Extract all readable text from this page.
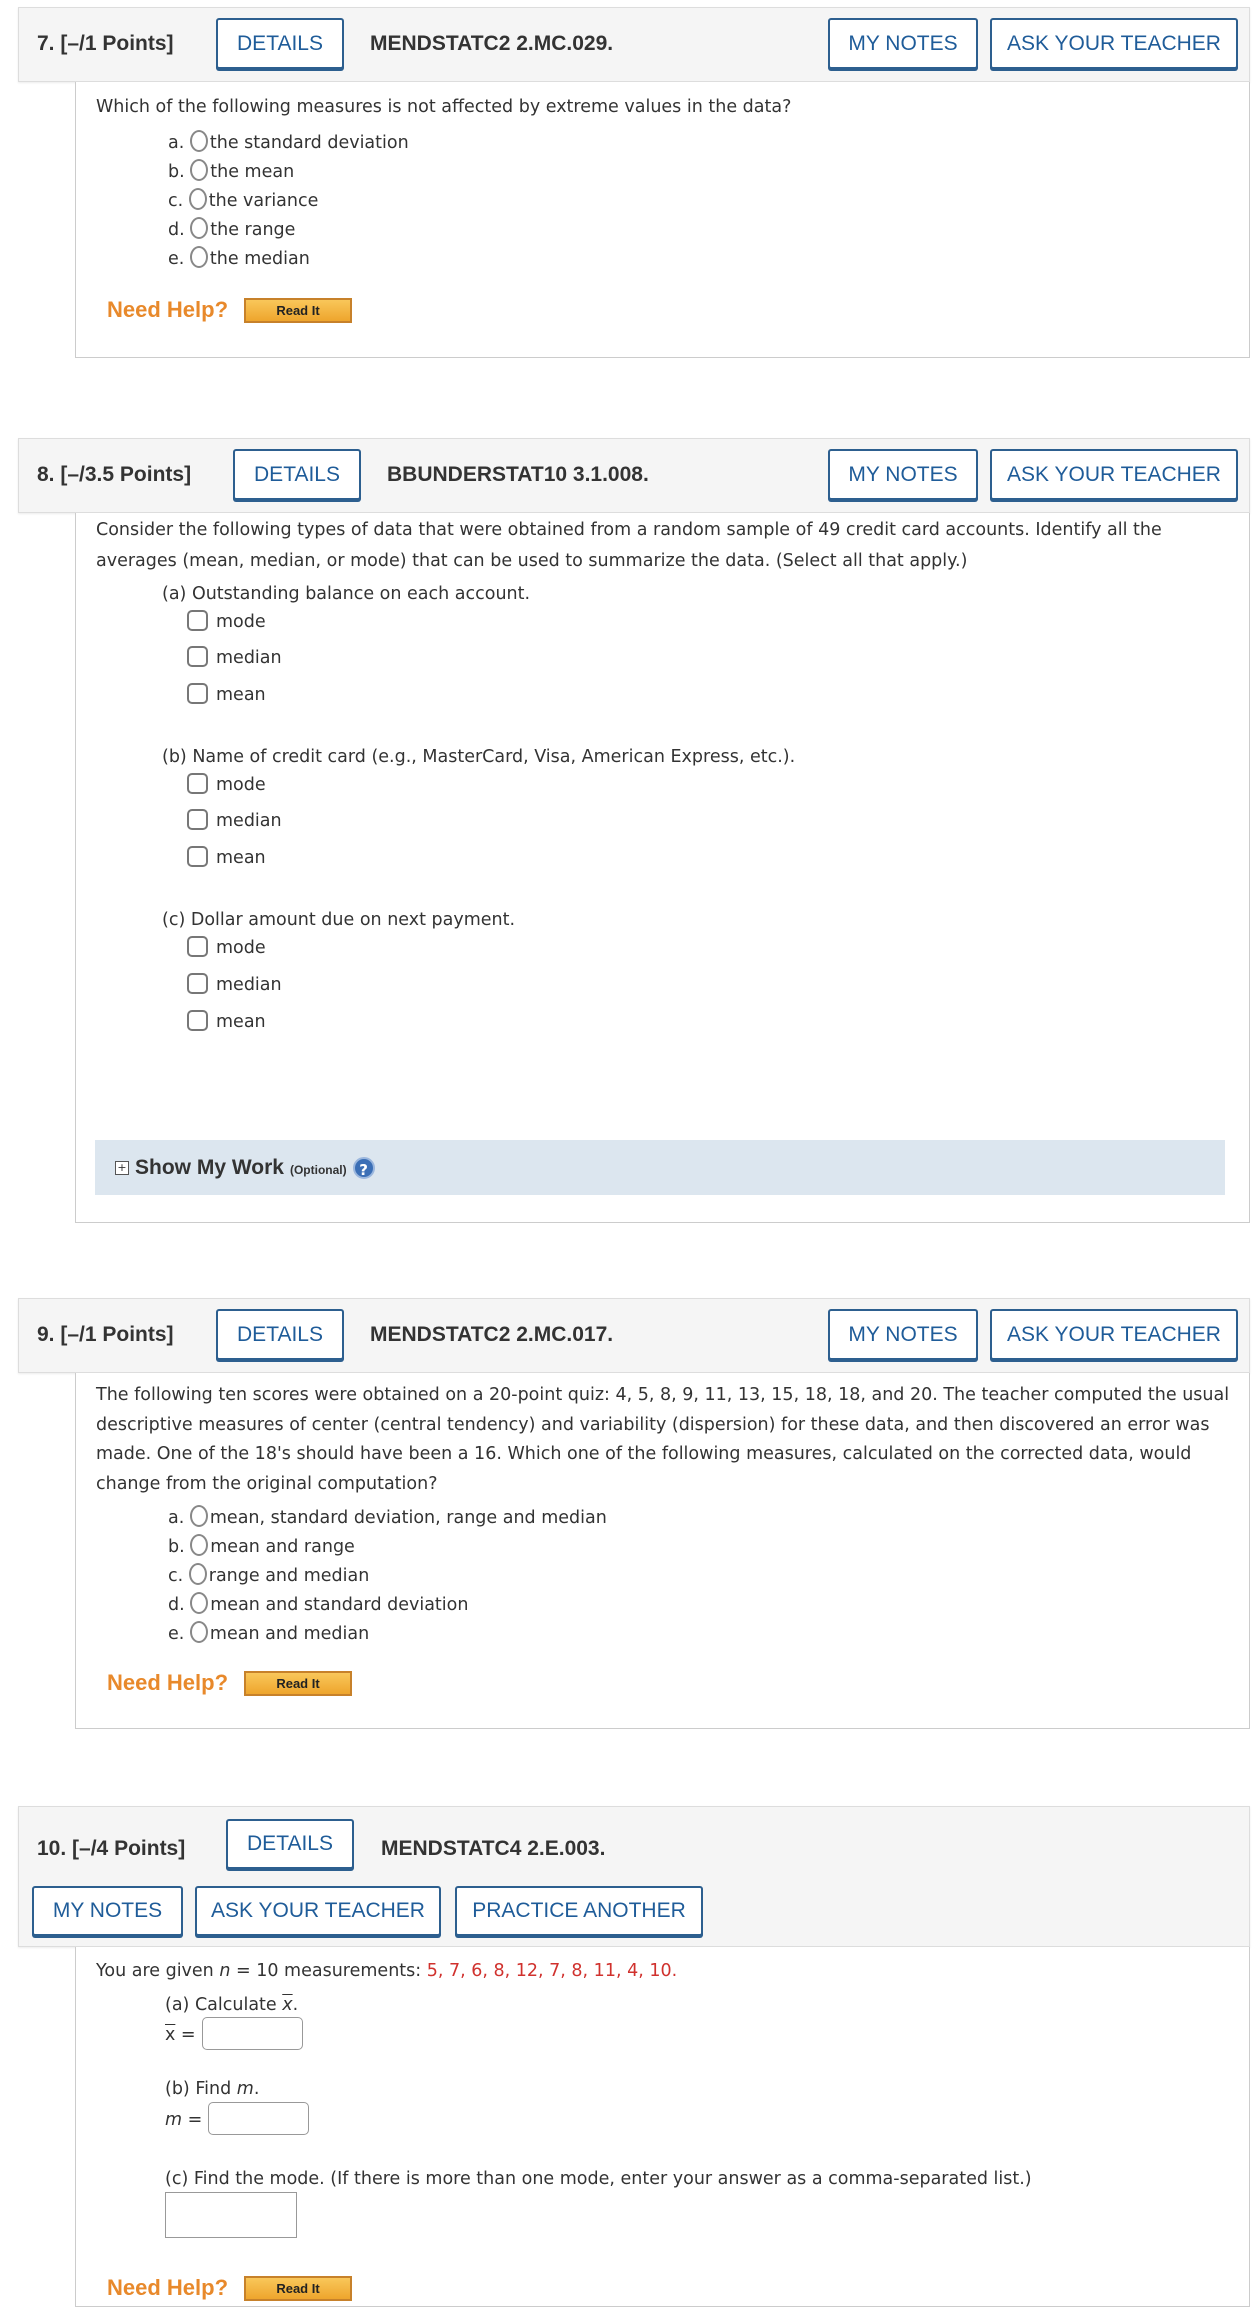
7. [–/1 Points]	DETAILS	MENDSTATC2 2.MC.029.	MY NOTES	ASK YOUR TEACHER
Which of the following measures is not affected by extreme values in the data?
a. the standard deviation
b. the mean
c. the variance
d. the range
e. the median
Need Help?	Read It
8. [–/3.5 Points]	DETAILS	BBUNDERSTAT10 3.1.008.	MY NOTES	ASK YOUR TEACHER
Consider the following types of data that were obtained from a random sample of 49 credit card accounts. Identify all the
averages (mean, median, or mode) that can be used to summarize the data. (Select all that apply.)
(a) Outstanding balance on each account.
mode
median
mean
(b) Name of credit card (e.g., MasterCard, Visa, American Express, etc.).
mode
median
mean
(c) Dollar amount due on next payment.
mode
median
mean
+ Show My Work (Optional) ?
9. [–/1 Points]	DETAILS	MENDSTATC2 2.MC.017.	MY NOTES	ASK YOUR TEACHER
The following ten scores were obtained on a 20-point quiz: 4, 5, 8, 9, 11, 13, 15, 18, 18, and 20. The teacher computed the usual
descriptive measures of center (central tendency) and variability (dispersion) for these data, and then discovered an error was
made. One of the 18's should have been a 16. Which one of the following measures, calculated on the corrected data, would
change from the original computation?
a. mean, standard deviation, range and median
b. mean and range
c. range and median
d. mean and standard deviation
e. mean and median
Need Help?	Read It
10. [–/4 Points]	DETAILS	MENDSTATC4 2.E.003.
MY NOTES	ASK YOUR TEACHER	PRACTICE ANOTHER
You are given n = 10 measurements: 5, 7, 6, 8, 12, 7, 8, 11, 4, 10.
(a) Calculate $\overline{x}$.
$\overline{x}$ =
(b) Find m.
m =
(c) Find the mode. (If there is more than one mode, enter your answer as a comma-separated list.)
Need Help?	Read It
